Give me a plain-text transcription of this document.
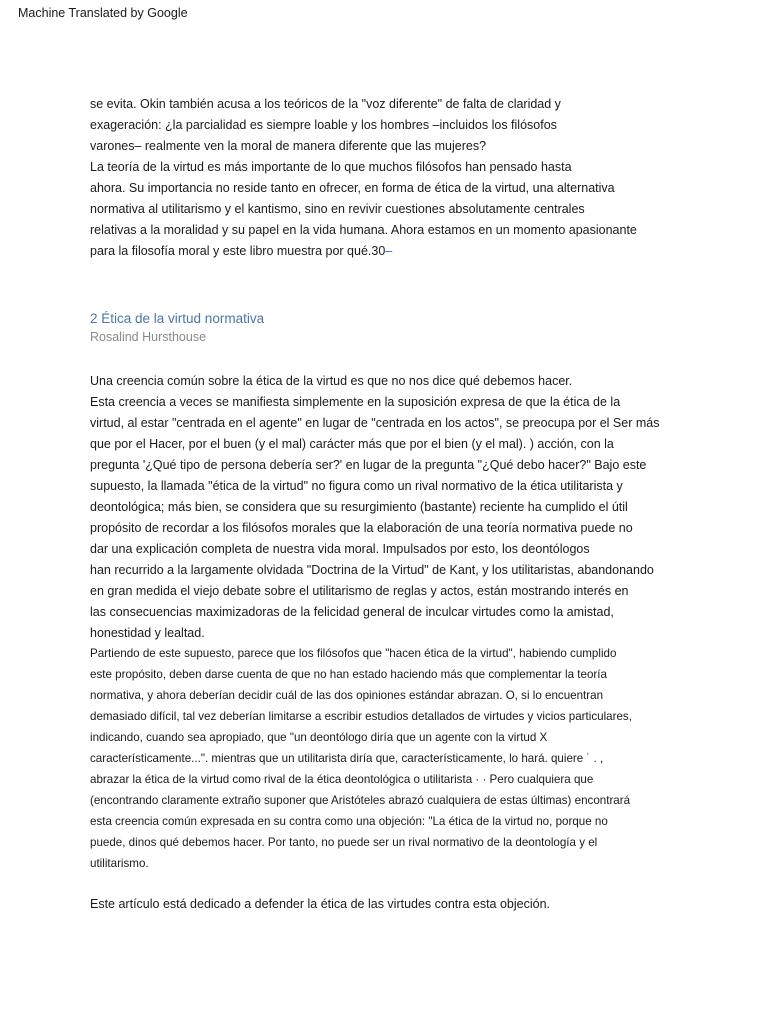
Machine Translated by Google
se evita. Okin también acusa a los teóricos de la "voz diferente" de falta de claridad y
exageración: ¿la parcialidad es siempre loable y los hombres –incluidos los filósofos
varones– realmente ven la moral de manera diferente que las mujeres?
La teoría de la virtud es más importante de lo que muchos filósofos han pensado hasta
ahora. Su importancia no reside tanto en ofrecer, en forma de ética de la virtud, una alternativa
normativa al utilitarismo y el kantismo, sino en revivir cuestiones absolutamente centrales
relativas a la moralidad y su papel en la vida humana. Ahora estamos en un momento apasionante
para la filosofía moral y este libro muestra por qué.30–
2 Ética de la virtud normativa
Rosalind Hursthouse
Una creencia común sobre la ética de la virtud es que no nos dice qué debemos hacer.
Esta creencia a veces se manifiesta simplemente en la suposición expresa de que la ética de la
virtud, al estar "centrada en el agente" en lugar de "centrada en los actos", se preocupa por el Ser más
que por el Hacer, por el buen (y el mal) carácter más que por el bien (y el mal). ) acción, con la
pregunta '¿Qué tipo de persona debería ser?' en lugar de la pregunta "¿Qué debo hacer?" Bajo este
supuesto, la llamada "ética de la virtud" no figura como un rival normativo de la ética utilitarista y
deontológica; más bien, se considera que su resurgimiento (bastante) reciente ha cumplido el útil
propósito de recordar a los filósofos morales que la elaboración de una teoría normativa puede no
dar una explicación completa de nuestra vida moral. Impulsados por esto, los deontólogos
han recurrido a la largamente olvidada "Doctrina de la Virtud" de Kant, y los utilitaristas, abandonando
en gran medida el viejo debate sobre el utilitarismo de reglas y actos, están mostrando interés en
las consecuencias maximizadoras de la felicidad general de inculcar virtudes como la amistad,
honestidad y lealtad.
Partiendo de este supuesto, parece que los filósofos que "hacen ética de la virtud", habiendo cumplido
este propósito, deben darse cuenta de que no han estado haciendo más que complementar la teoría
normativa, y ahora deberían decidir cuál de las dos opiniones estándar abrazan. O, si lo encuentran
demasiado difícil, tal vez deberían limitarse a escribir estudios detallados de virtudes y vicios particulares,
indicando, cuando sea apropiado, que "un deontólogo diría que un agente con la virtud X
característicamente...". mientras que un utilitarista diría que, característicamente, lo hará. quiere ˙ . ,
abrazar la ética de la virtud como rival de la ética deontológica o utilitarista · · Pero cualquiera que
(encontrando claramente extraño suponer que Aristóteles abrazó cualquiera de estas últimas) encontrará
esta creencia común expresada en su contra como una objeción: "La ética de la virtud no, porque no
puede, dinos qué debemos hacer. Por tanto, no puede ser un rival normativo de la deontología y el
utilitarismo.
Este artículo está dedicado a defender la ética de las virtudes contra esta objeción.
